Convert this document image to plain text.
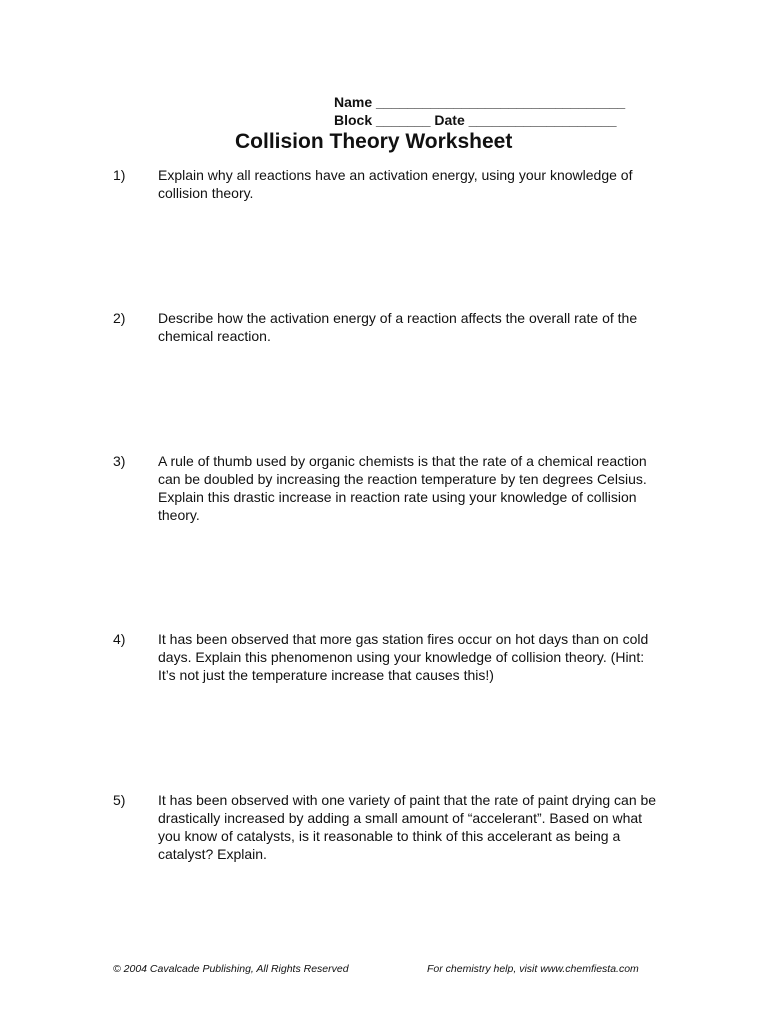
Name ________________________________
Block _______ Date ___________________
Collision Theory Worksheet
1)	Explain why all reactions have an activation energy, using your knowledge of collision theory.
2)	Describe how the activation energy of a reaction affects the overall rate of the chemical reaction.
3)	A rule of thumb used by organic chemists is that the rate of a chemical reaction can be doubled by increasing the reaction temperature by ten degrees Celsius. Explain this drastic increase in reaction rate using your knowledge of collision theory.
4)	It has been observed that more gas station fires occur on hot days than on cold days. Explain this phenomenon using your knowledge of collision theory. (Hint: It’s not just the temperature increase that causes this!)
5)	It has been observed with one variety of paint that the rate of paint drying can be drastically increased by adding a small amount of “accelerant”. Based on what you know of catalysts, is it reasonable to think of this accelerant as being a catalyst? Explain.
© 2004 Cavalcade Publishing, All Rights Reserved	For chemistry help, visit www.chemfiesta.com
